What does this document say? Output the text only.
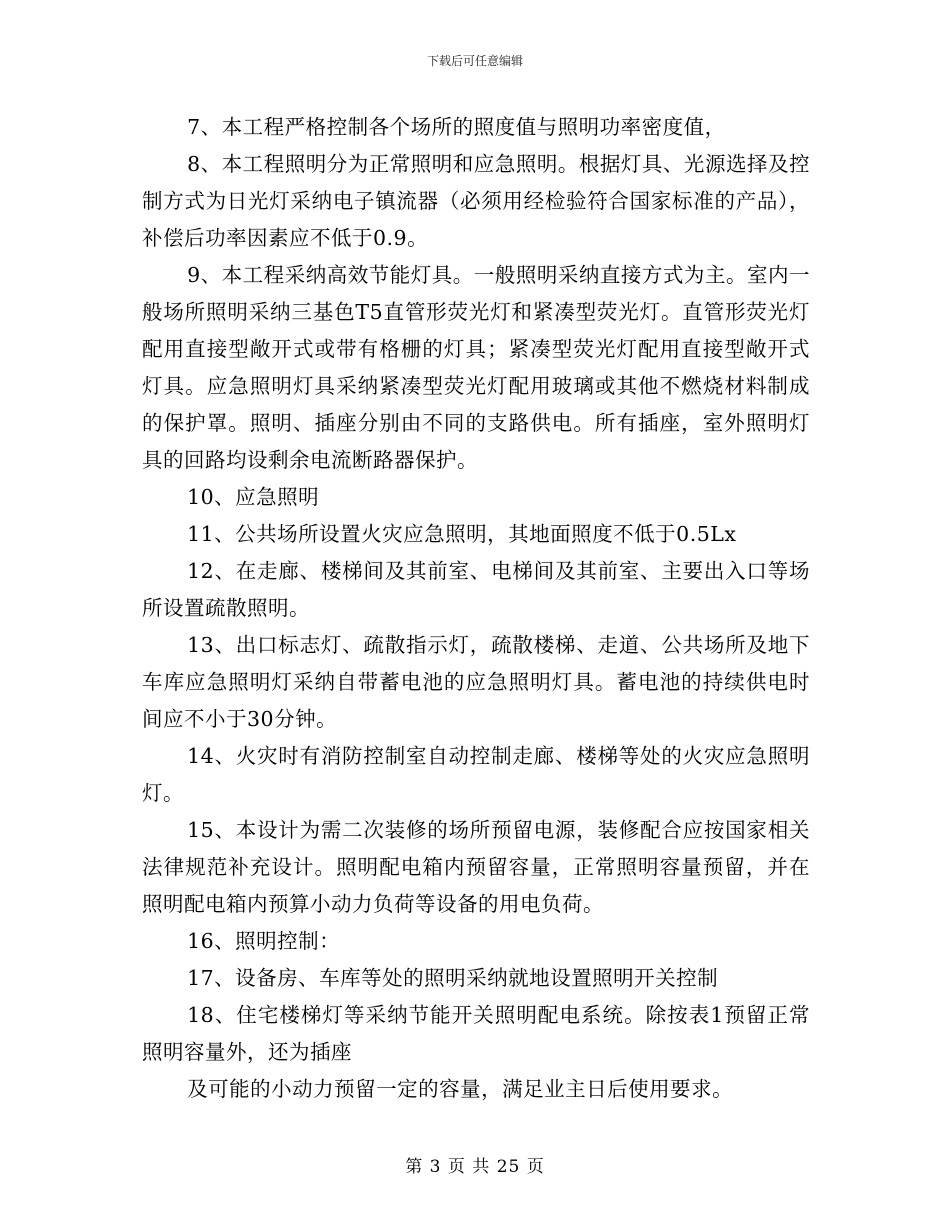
下载后可任意编辑

7、本工程严格控制各个场所的照度值与照明功率密度值，

8、本工程照明分为正常照明和应急照明。根据灯具、光源选择及控制方式为日光灯采纳电子镇流器（必须用经检验符合国家标准的产品），补偿后功率因素应不低于0.9。

9、本工程采纳高效节能灯具。一般照明采纳直接方式为主。室内一般场所照明采纳三基色T5直管形荧光灯和紧凑型荧光灯。直管形荧光灯配用直接型敞开式或带有格栅的灯具；紧凑型荧光灯配用直接型敞开式灯具。应急照明灯具采纳紧凑型荧光灯配用玻璃或其他不燃烧材料制成的保护罩。照明、插座分别由不同的支路供电。所有插座，室外照明灯具的回路均设剩余电流断路器保护。

10、应急照明

11、公共场所设置火灾应急照明，其地面照度不低于0.5Lx

12、在走廊、楼梯间及其前室、电梯间及其前室、主要出入口等场所设置疏散照明。

13、出口标志灯、疏散指示灯，疏散楼梯、走道、公共场所及地下车库应急照明灯采纳自带蓄电池的应急照明灯具。蓄电池的持续供电时间应不小于30分钟。

14、火灾时有消防控制室自动控制走廊、楼梯等处的火灾应急照明灯。

15、本设计为需二次装修的场所预留电源，装修配合应按国家相关法律规范补充设计。照明配电箱内预留容量，正常照明容量预留，并在照明配电箱内预算小动力负荷等设备的用电负荷。

16、照明控制：

17、设备房、车库等处的照明采纳就地设置照明开关控制

18、住宅楼梯灯等采纳节能开关照明配电系统。除按表1预留正常照明容量外，还为插座

及可能的小动力预留一定的容量，满足业主日后使用要求。

第 3 页 共 25 页
